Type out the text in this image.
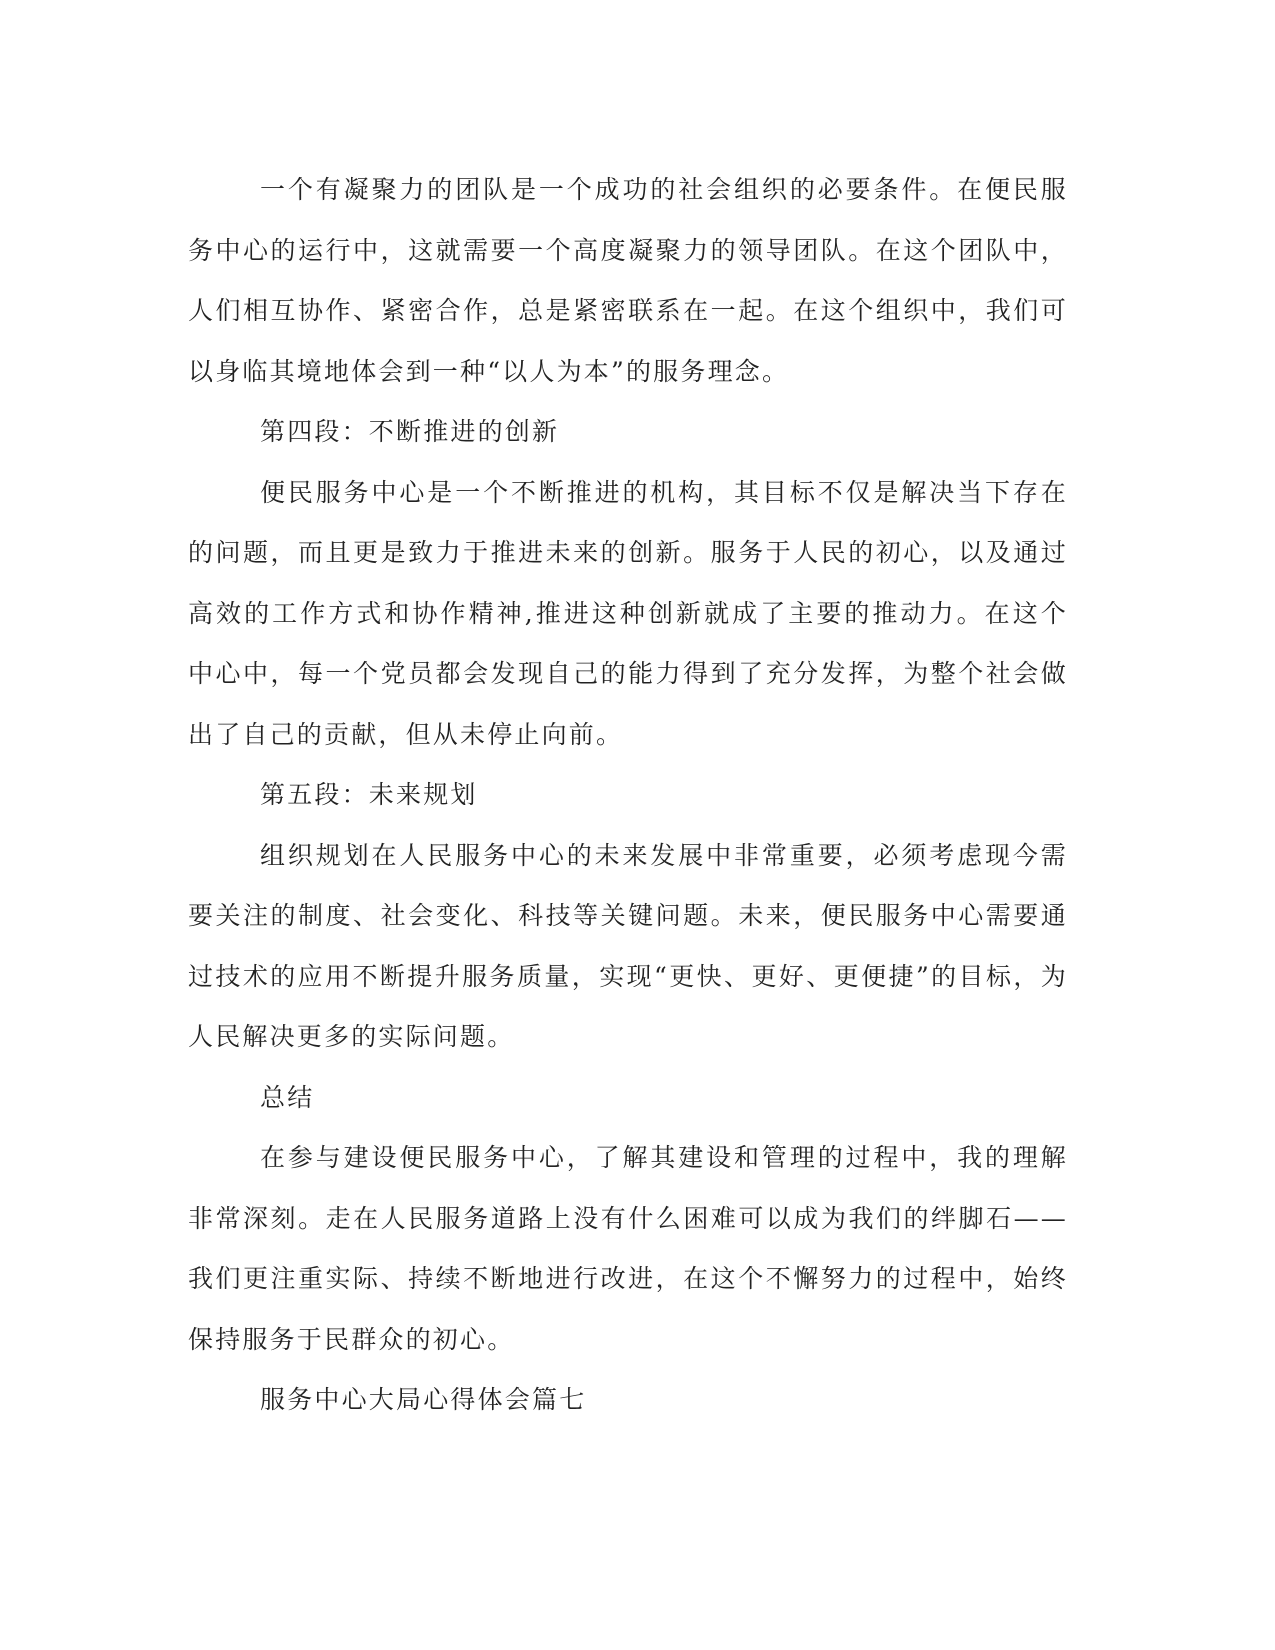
一个有凝聚力的团队是一个成功的社会组织的必要条件。在便民服务中心的运行中，这就需要一个高度凝聚力的领导团队。在这个团队中，人们相互协作、紧密合作，总是紧密联系在一起。在这个组织中，我们可以身临其境地体会到一种“以人为本”的服务理念。

第四段：不断推进的创新

便民服务中心是一个不断推进的机构，其目标不仅是解决当下存在的问题，而且更是致力于推进未来的创新。服务于人民的初心，以及通过高效的工作方式和协作精神,推进这种创新就成了主要的推动力。在这个中心中，每一个党员都会发现自己的能力得到了充分发挥，为整个社会做出了自己的贡献，但从未停止向前。

第五段：未来规划

组织规划在人民服务中心的未来发展中非常重要，必须考虑现今需要关注的制度、社会变化、科技等关键问题。未来，便民服务中心需要通过技术的应用不断提升服务质量，实现“更快、更好、更便捷”的目标，为人民解决更多的实际问题。

总结

在参与建设便民服务中心，了解其建设和管理的过程中，我的理解非常深刻。走在人民服务道路上没有什么困难可以成为我们的绊脚石——我们更注重实际、持续不断地进行改进，在这个不懈努力的过程中，始终保持服务于民群众的初心。

服务中心大局心得体会篇七
